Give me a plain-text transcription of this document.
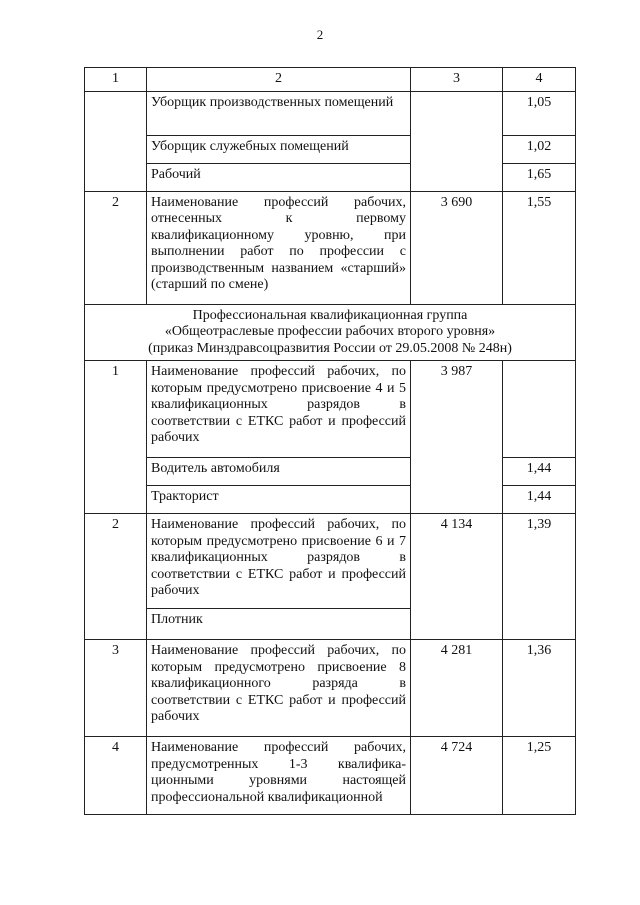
2
1	2	3	4
	Уборщик производственных помещений		1,05
	Уборщик служебных помещений		1,02
	Рабочий		1,65
2	Наименование профессий рабочих, отнесенных к первому квалификационному уровню, при выполнении работ по профессии с производственным названием «старший» (старший по смене)	3 690	1,55

Профессиональная квалификационная группа
«Общеотраслевые профессии рабочих второго уровня»
(приказ Минздравсоцразвития России от 29.05.2008 № 248н)			

1	Наименование профессий рабочих, по которым предусмотрено присвоение 4 и 5 квалификационных разрядов в соответствии с ЕТКС работ и профессий рабочих	3 987	
	Водитель автомобиля		1,44
	Тракторист		1,44
2	Наименование профессий рабочих, по которым предусмотрено присвоение 6 и 7 квалификационных разрядов в соответствии с ЕТКС работ и профессий рабочих	4 134	1,39
	Плотник		
3	Наименование профессий рабочих, по которым предусмотрено присвоение 8 квалификационного разряда в соответствии с ЕТКС работ и профессий рабочих	4 281	1,36
4	Наименование профессий рабочих, предусмотренных 1-3 квалифика-ционными уровнями настоящей профессиональной квалификационной	4 724	1,25
